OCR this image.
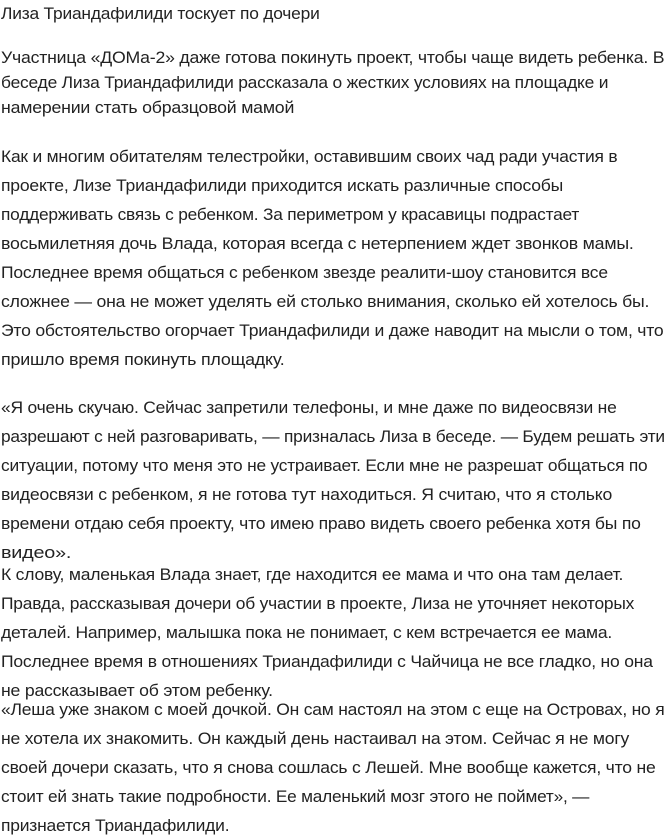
Лиза Триандафилиди тоскует по дочери
Участница «ДОМа-2» даже готова покинуть проект, чтобы чаще видеть ребенка. В
беседе Лиза Триандафилиди рассказала о жестких условиях на площадке и
намерении стать образцовой мамой
Как и многим обитателям телестройки, оставившим своих чад ради участия в
проекте, Лизе Триандафилиди приходится искать различные способы
поддерживать связь с ребенком. За периметром у красавицы подрастает
восьмилетняя дочь Влада, которая всегда с нетерпением ждет звонков мамы.
Последнее время общаться с ребенком звезде реалити-шоу становится все
сложнее — она не может уделять ей столько внимания, сколько ей хотелось бы.
Это обстоятельство огорчает Триандафилиди и даже наводит на мысли о том, что
пришло время покинуть площадку.
«Я очень скучаю. Сейчас запретили телефоны, и мне даже по видеосвязи не
разрешают с ней разговаривать, — призналась Лиза в беседе. — Будем решать эти
ситуации, потому что меня это не устраивает. Если мне не разрешат общаться по
видеосвязи с ребенком, я не готова тут находиться. Я считаю, что я столько
времени отдаю себя проекту, что имею право видеть своего ребенка хотя бы по
видео».
К слову, маленькая Влада знает, где находится ее мама и что она там делает.
Правда, рассказывая дочери об участии в проекте, Лиза не уточняет некоторых
деталей. Например, малышка пока не понимает, с кем встречается ее мама.
Последнее время в отношениях Триандафилиди с Чайчица не все гладко, но она
не рассказывает об этом ребенку.
«Леша уже знаком с моей дочкой. Он сам настоял на этом с еще на Островах, но я
не хотела их знакомить. Он каждый день настаивал на этом. Сейчас я не могу
своей дочери сказать, что я снова сошлась с Лешей. Мне вообще кажется, что не
стоит ей знать такие подробности. Ее маленький мозг этого не поймет», —
признается Триандафилиди.
